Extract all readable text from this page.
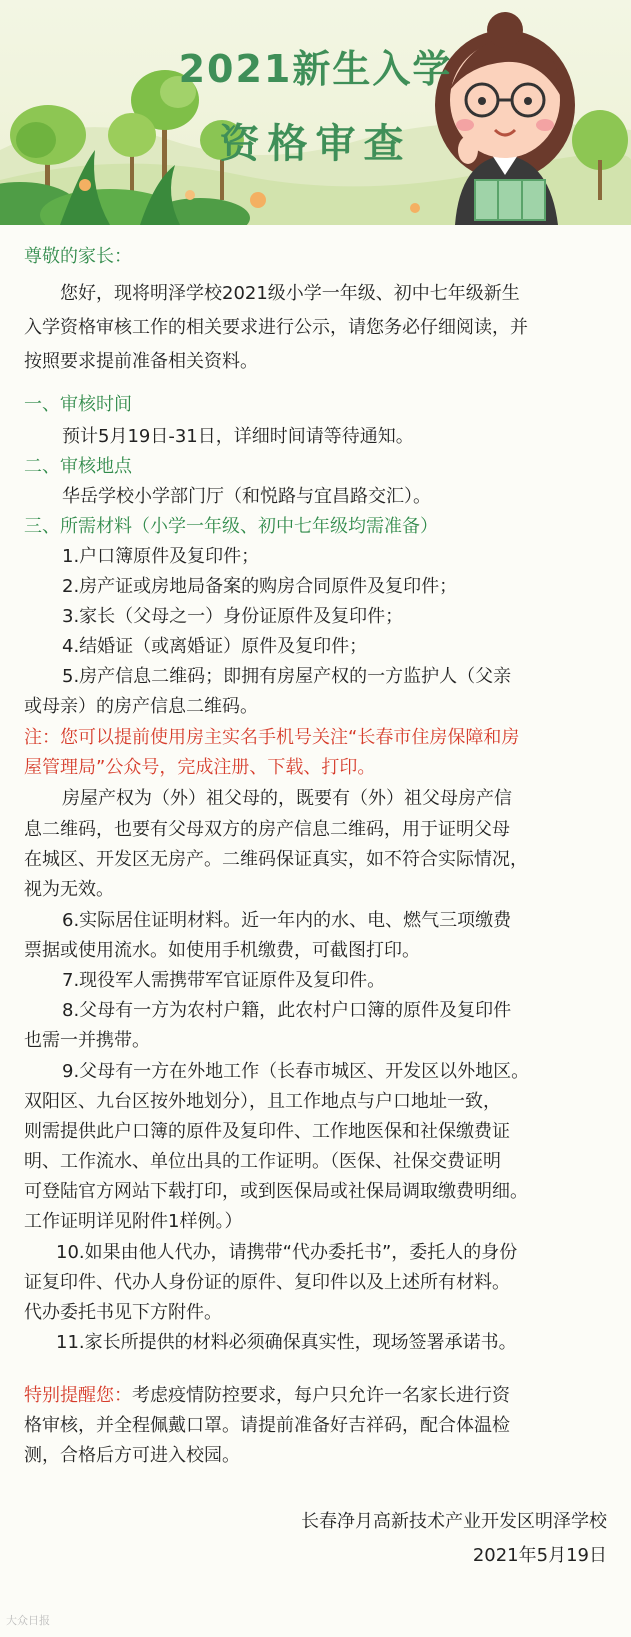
2021新生入学
资格审查
尊敬的家长：
您好，现将明泽学校2021级小学一年级、初中七年级新生
入学资格审核工作的相关要求进行公示，请您务必仔细阅读，并
按照要求提前准备相关资料。
一、审核时间
预计5月19日-31日，详细时间请等待通知。
二、审核地点
华岳学校小学部门厅（和悦路与宜昌路交汇）。
三、所需材料（小学一年级、初中七年级均需准备）
1.户口簿原件及复印件；
2.房产证或房地局备案的购房合同原件及复印件；
3.家长（父母之一）身份证原件及复印件；
4.结婚证（或离婚证）原件及复印件；
5.房产信息二维码；即拥有房屋产权的一方监护人（父亲
或母亲）的房产信息二维码。
注：您可以提前使用房主实名手机号关注“长春市住房保障和房
屋管理局”公众号，完成注册、下载、打印。
房屋产权为（外）祖父母的，既要有（外）祖父母房产信
息二维码，也要有父母双方的房产信息二维码，用于证明父母
在城区、开发区无房产。二维码保证真实，如不符合实际情况，
视为无效。
6.实际居住证明材料。近一年内的水、电、燃气三项缴费
票据或使用流水。如使用手机缴费，可截图打印。
7.现役军人需携带军官证原件及复印件。
8.父母有一方为农村户籍，此农村户口簿的原件及复印件
也需一并携带。
9.父母有一方在外地工作（长春市城区、开发区以外地区。
双阳区、九台区按外地划分），且工作地点与户口地址一致，
则需提供此户口簿的原件及复印件、工作地医保和社保缴费证
明、工作流水、单位出具的工作证明。（医保、社保交费证明
可登陆官方网站下载打印，或到医保局或社保局调取缴费明细。
工作证明详见附件1样例。）
10.如果由他人代办，请携带“代办委托书”，委托人的身份
证复印件、代办人身份证的原件、复印件以及上述所有材料。
代办委托书见下方附件。
11.家长所提供的材料必须确保真实性，现场签署承诺书。
特别提醒您：考虑疫情防控要求，每户只允许一名家长进行资
格审核，并全程佩戴口罩。请提前准备好吉祥码，配合体温检
测，合格后方可进入校园。
长春净月高新技术产业开发区明泽学校
2021年5月19日
大众日报
